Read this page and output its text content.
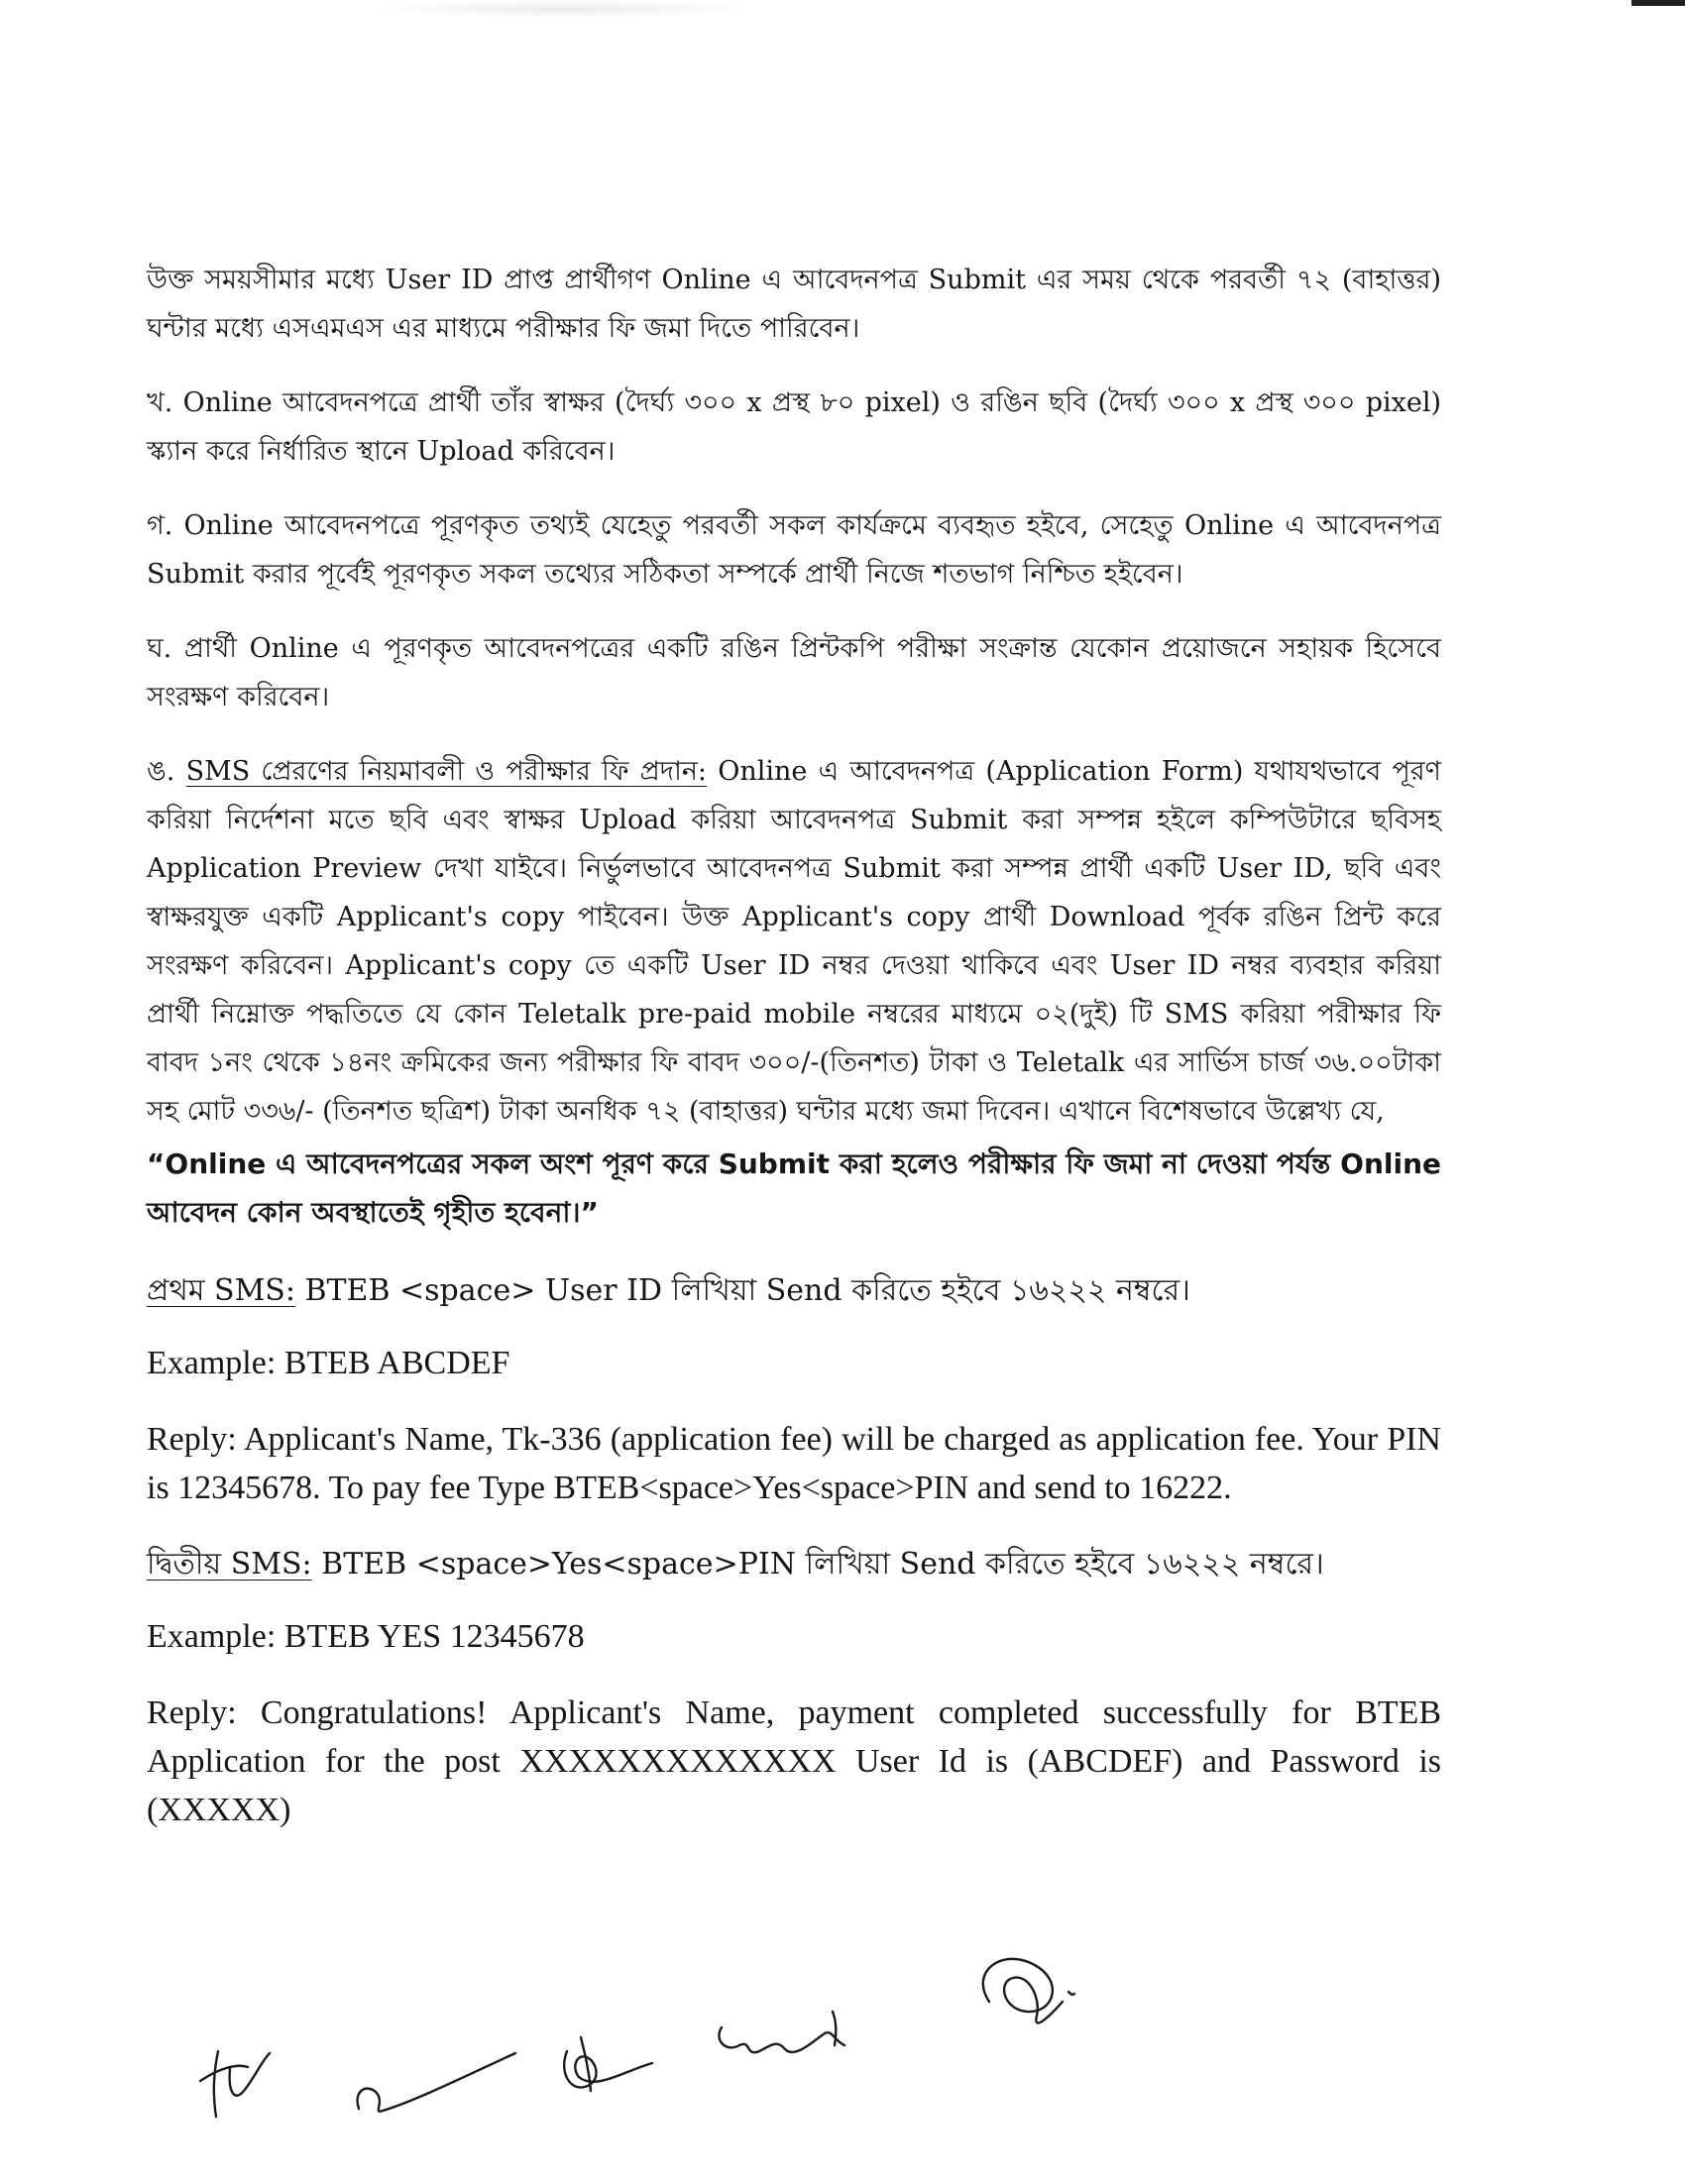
উক্ত সময়সীমার মধ্যে User ID প্রাপ্ত প্রার্থীগণ Online এ আবেদনপত্র Submit এর সময় থেকে পরবর্তী ৭২ (বাহাত্তর) ঘন্টার মধ্যে এসএমএস এর মাধ্যমে পরীক্ষার ফি জমা দিতে পারিবেন।

খ. Online আবেদনপত্রে প্রার্থী তাঁর স্বাক্ষর (দৈর্ঘ্য ৩০০ x প্রস্থ ৮০ pixel) ও রঙিন ছবি (দৈর্ঘ্য ৩০০ x প্রস্থ ৩০০ pixel) স্ক্যান করে নির্ধারিত স্থানে Upload করিবেন।

গ. Online আবেদনপত্রে পূরণকৃত তথ্যই যেহেতু পরবর্তী সকল কার্যক্রমে ব্যবহৃত হইবে, সেহেতু Online এ আবেদনপত্র Submit করার পূর্বেই পূরণকৃত সকল তথ্যের সঠিকতা সম্পর্কে প্রার্থী নিজে শতভাগ নিশ্চিত হইবেন।

ঘ. প্রার্থী Online এ পূরণকৃত আবেদনপত্রের একটি রঙিন প্রিন্টকপি পরীক্ষা সংক্রান্ত যেকোন প্রয়োজনে সহায়ক হিসেবে সংরক্ষণ করিবেন।

ঙ. SMS প্রেরণের নিয়মাবলী ও পরীক্ষার ফি প্রদান: Online এ আবেদনপত্র (Application Form) যথাযথভাবে পূরণ করিয়া নির্দেশনা মতে ছবি এবং স্বাক্ষর Upload করিয়া আবেদনপত্র Submit করা সম্পন্ন হইলে কম্পিউটারে ছবিসহ Application Preview দেখা যাইবে। নির্ভুলভাবে আবেদনপত্র Submit করা সম্পন্ন প্রার্থী একটি User ID, ছবি এবং স্বাক্ষরযুক্ত একটি Applicant's copy পাইবেন। উক্ত Applicant's copy প্রার্থী Download পূর্বক রঙিন প্রিন্ট করে সংরক্ষণ করিবেন। Applicant's copy তে একটি User ID নম্বর দেওয়া থাকিবে এবং User ID নম্বর ব্যবহার করিয়া প্রার্থী নিম্নোক্ত পদ্ধতিতে যে কোন Teletalk pre-paid mobile নম্বরের মাধ্যমে ০২(দুই) টি SMS করিয়া পরীক্ষার ফি বাবদ ১নং থেকে ১৪নং ক্রমিকের জন্য পরীক্ষার ফি বাবদ ৩০০/-(তিনশত) টাকা ও Teletalk এর সার্ভিস চার্জ ৩৬.০০টাকা সহ মোট ৩৩৬/- (তিনশত ছত্রিশ) টাকা অনধিক ৭২ (বাহাত্তর) ঘন্টার মধ্যে জমা দিবেন। এখানে বিশেষভাবে উল্লেখ্য যে,

“Online এ আবেদনপত্রের সকল অংশ পূরণ করে Submit করা হলেও পরীক্ষার ফি জমা না দেওয়া পর্যন্ত Online আবেদন কোন অবস্থাতেই গৃহীত হবেনা।”

প্রথম SMS: BTEB <space> User ID লিখিয়া Send করিতে হইবে ১৬২২২ নম্বরে।

Example: BTEB ABCDEF

Reply: Applicant's Name, Tk-336 (application fee) will be charged as application fee. Your PIN is 12345678. To pay fee Type BTEB<space>Yes<space>PIN and send to 16222.

দ্বিতীয় SMS: BTEB <space>Yes<space>PIN লিখিয়া Send করিতে হইবে ১৬২২২ নম্বরে।

Example: BTEB YES 12345678

Reply: Congratulations! Applicant's Name, payment completed successfully for BTEB Application for the post XXXXXXXXXXXXX User Id is (ABCDEF) and Password is (XXXXX)
